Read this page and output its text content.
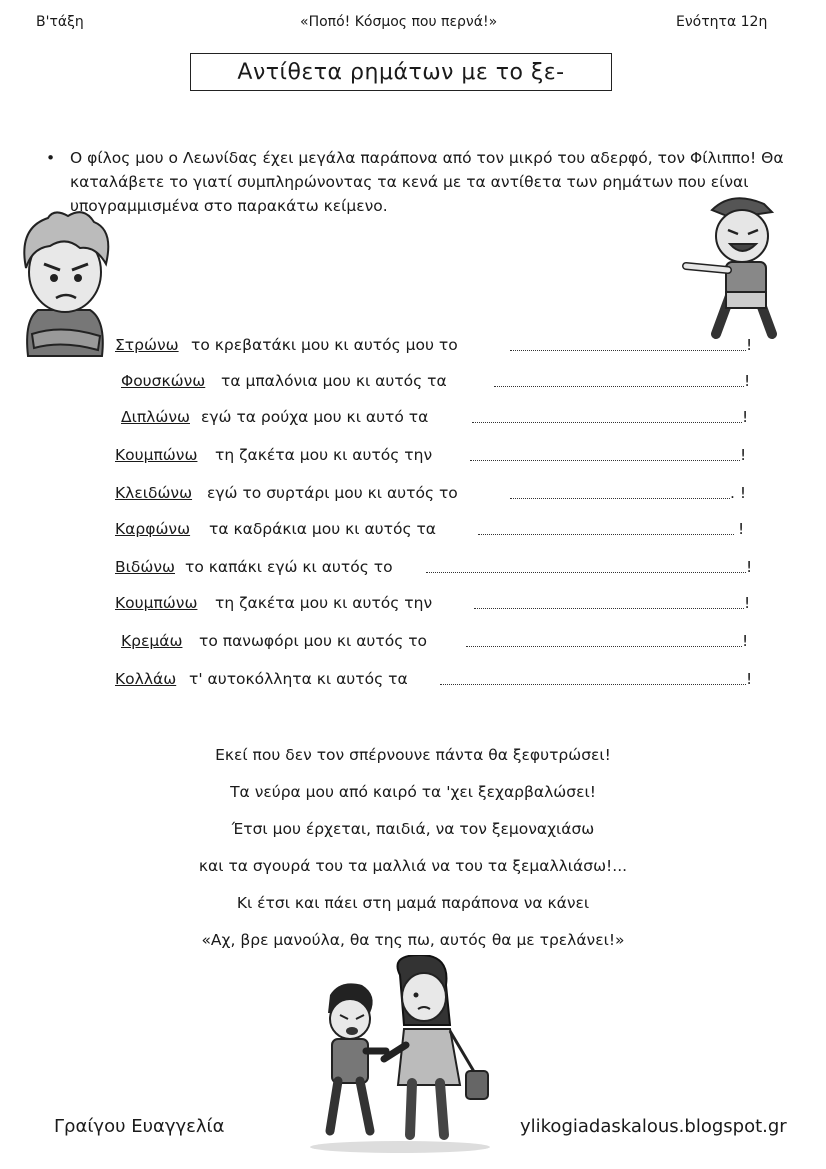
Β'τάξη	«Ποπό! Κόσμος που περνά!»	Ενότητα 12η
Αντίθετα ρημάτων με το ξε-
• Ο φίλος μου ο Λεωνίδας έχει μεγάλα παράπονα από τον μικρό του αδερφό, τον Φίλιππο! Θα καταλάβετε το γιατί συμπληρώνοντας τα κενά με τα αντίθετα των ρημάτων που είναι υπογραμμισμένα στο παρακάτω κείμενο.
Στρώνω το κρεβατάκι μου κι αυτός μου το	!
Φουσκώνω τα μπαλόνια μου κι αυτός τα	!
Διπλώνω εγώ τα ρούχα μου κι αυτό τα	!
Κουμπώνω τη ζακέτα μου κι αυτός την	!
Κλειδώνω εγώ το συρτάρι μου κι αυτός το	. !
Καρφώνω τα καδράκια μου κι αυτός τα	!
Βιδώνω το καπάκι εγώ κι αυτός το	!
Κουμπώνω τη ζακέτα μου κι αυτός την	!
Κρεμάω το πανωφόρι μου κι αυτός το	!
Κολλάω τ' αυτοκόλλητα κι αυτός τα	!
Εκεί που δεν τον σπέρνουνε πάντα θα ξεφυτρώσει!
Τα νεύρα μου από καιρό τα 'χει ξεχαρβαλώσει!
Έτσι μου έρχεται, παιδιά, να τον ξεμοναχιάσω
και τα σγουρά του τα μαλλιά να του τα ξεμαλλιάσω!...
Κι έτσι και πάει στη μαμά παράπονα να κάνει
«Αχ, βρε μανούλα, θα της πω, αυτός θα με τρελάνει!»
Γραίγου Ευαγγελία	ylikogiadaskalous.blogspot.gr
